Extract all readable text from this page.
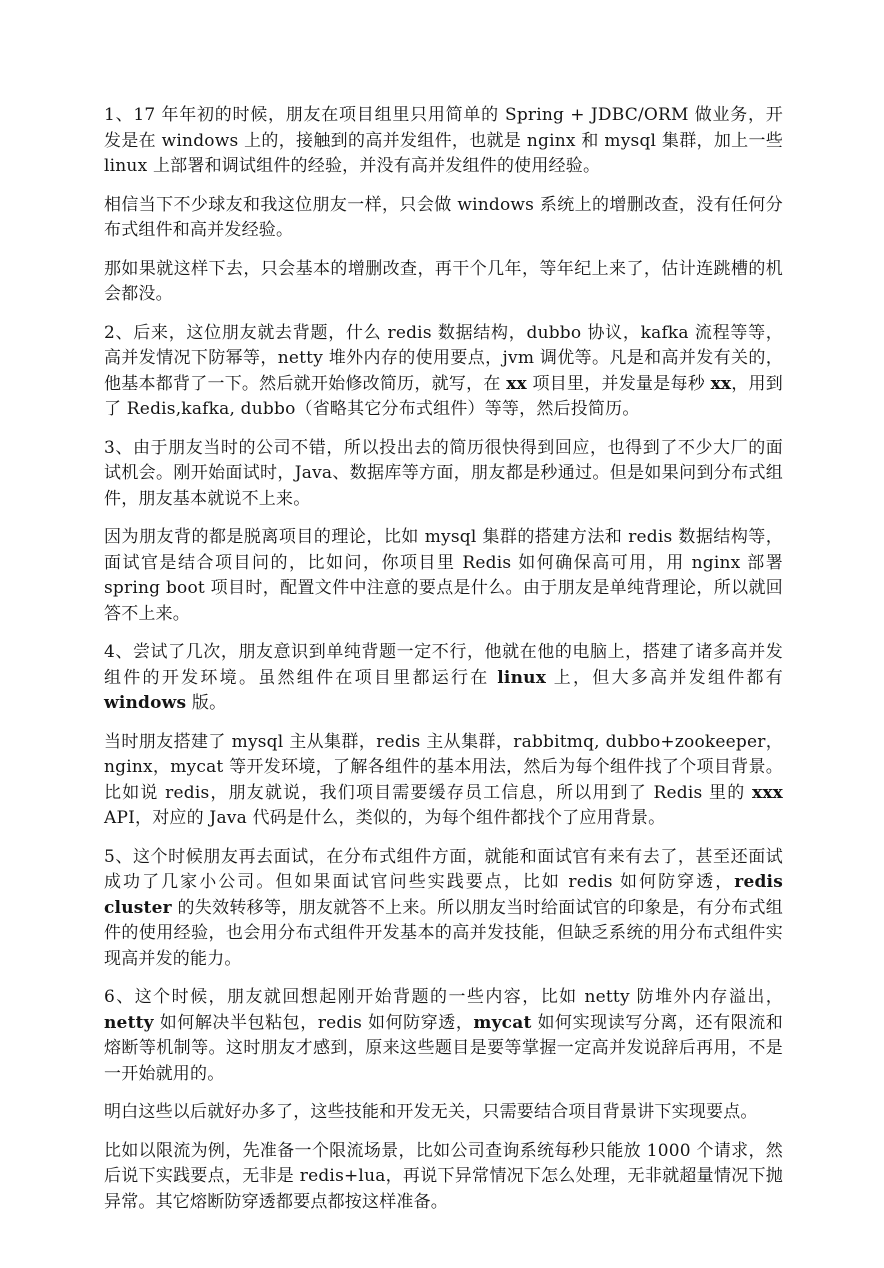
1、17 年年初的时候，朋友在项目组里只用简单的 Spring + JDBC/ORM 做业务，开发是在 windows 上的，接触到的高并发组件，也就是 nginx 和 mysql 集群，加上一些 linux 上部署和调试组件的经验，并没有高并发组件的使用经验。

相信当下不少球友和我这位朋友一样，只会做 windows 系统上的增删改查，没有任何分布式组件和高并发经验。

那如果就这样下去，只会基本的增删改查，再干个几年，等年纪上来了，估计连跳槽的机会都没。

2、后来，这位朋友就去背题，什么 redis 数据结构，dubbo 协议，kafka 流程等等，高并发情况下防幂等，netty 堆外内存的使用要点，jvm 调优等。凡是和高并发有关的，他基本都背了一下。然后就开始修改简历，就写，在 xx 项目里，并发量是每秒 xx，用到了 Redis,kafka, dubbo（省略其它分布式组件）等等，然后投简历。

3、由于朋友当时的公司不错，所以投出去的简历很快得到回应，也得到了不少大厂的面试机会。刚开始面试时，Java、数据库等方面，朋友都是秒通过。但是如果问到分布式组件，朋友基本就说不上来。

因为朋友背的都是脱离项目的理论，比如 mysql 集群的搭建方法和 redis 数据结构等，面试官是结合项目问的，比如问，你项目里 Redis 如何确保高可用，用 nginx 部署 spring boot 项目时，配置文件中注意的要点是什么。由于朋友是单纯背理论，所以就回答不上来。

4、尝试了几次，朋友意识到单纯背题一定不行，他就在他的电脑上，搭建了诸多高并发组件的开发环境。虽然组件在项目里都运行在 linux 上，但大多高并发组件都有 windows 版。

当时朋友搭建了 mysql 主从集群，redis 主从集群，rabbitmq, dubbo+zookeeper，nginx，mycat 等开发环境，了解各组件的基本用法，然后为每个组件找了个项目背景。比如说 redis，朋友就说，我们项目需要缓存员工信息，所以用到了 Redis 里的 xxx API，对应的 Java 代码是什么，类似的，为每个组件都找个了应用背景。

5、这个时候朋友再去面试，在分布式组件方面，就能和面试官有来有去了，甚至还面试成功了几家小公司。但如果面试官问些实践要点，比如 redis 如何防穿透，redis cluster 的失效转移等，朋友就答不上来。所以朋友当时给面试官的印象是，有分布式组件的使用经验，也会用分布式组件开发基本的高并发技能，但缺乏系统的用分布式组件实现高并发的能力。

6、这个时候，朋友就回想起刚开始背题的一些内容，比如 netty 防堆外内存溢出，netty 如何解决半包粘包，redis 如何防穿透，mycat 如何实现读写分离，还有限流和熔断等机制等。这时朋友才感到，原来这些题目是要等掌握一定高并发说辞后再用，不是一开始就用的。

明白这些以后就好办多了，这些技能和开发无关，只需要结合项目背景讲下实现要点。

比如以限流为例，先准备一个限流场景，比如公司查询系统每秒只能放 1000 个请求，然后说下实践要点，无非是 redis+lua，再说下异常情况下怎么处理，无非就超量情况下抛异常。其它熔断防穿透都要点都按这样准备。
